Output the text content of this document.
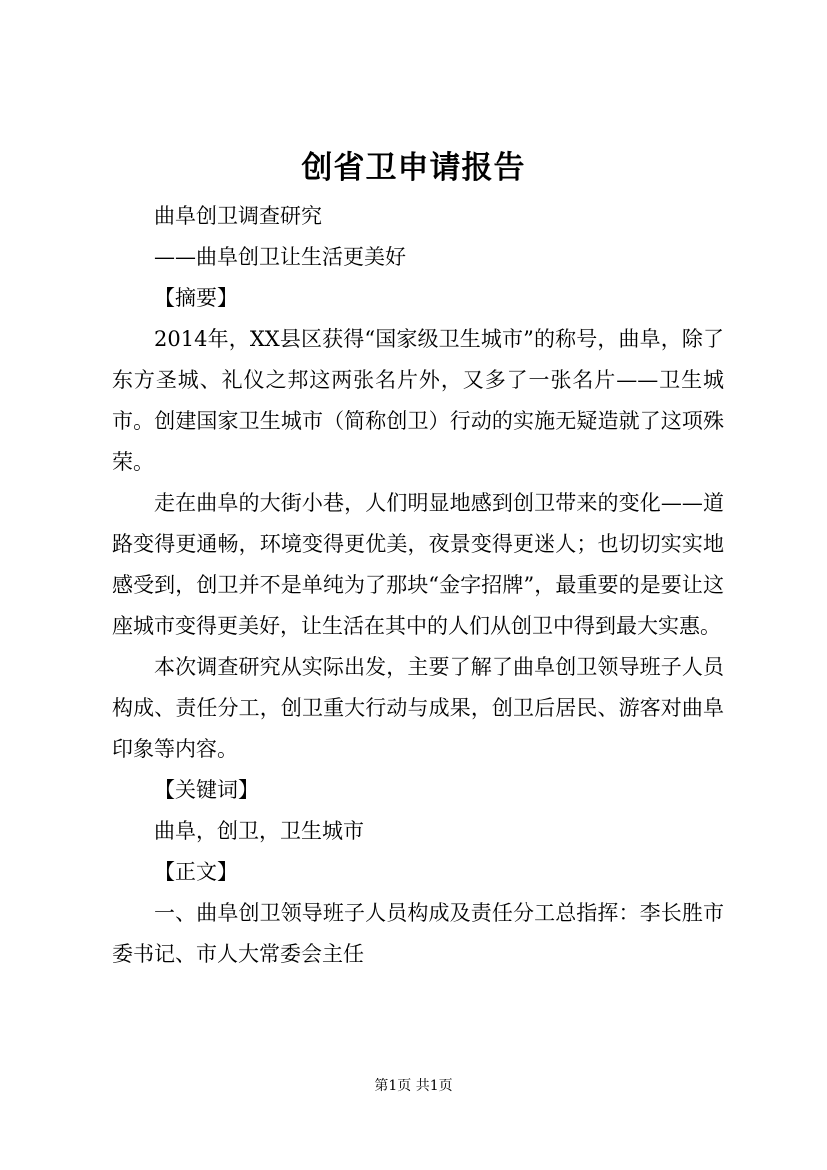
创省卫申请报告

曲阜创卫调查研究

——曲阜创卫让生活更美好

【摘要】

2014年，XX县区获得“国家级卫生城市”的称号，曲阜，除了东方圣城、礼仪之邦这两张名片外，又多了一张名片——卫生城市。创建国家卫生城市（简称创卫）行动的实施无疑造就了这项殊荣。

走在曲阜的大街小巷，人们明显地感到创卫带来的变化——道路变得更通畅，环境变得更优美，夜景变得更迷人；也切切实实地感受到，创卫并不是单纯为了那块“金字招牌”，最重要的是要让这座城市变得更美好，让生活在其中的人们从创卫中得到最大实惠。

本次调查研究从实际出发，主要了解了曲阜创卫领导班子人员构成、责任分工，创卫重大行动与成果，创卫后居民、游客对曲阜印象等内容。

【关键词】

曲阜，创卫，卫生城市

【正文】

一、曲阜创卫领导班子人员构成及责任分工总指挥：李长胜市委书记、市人大常委会主任

第1页 共1页
